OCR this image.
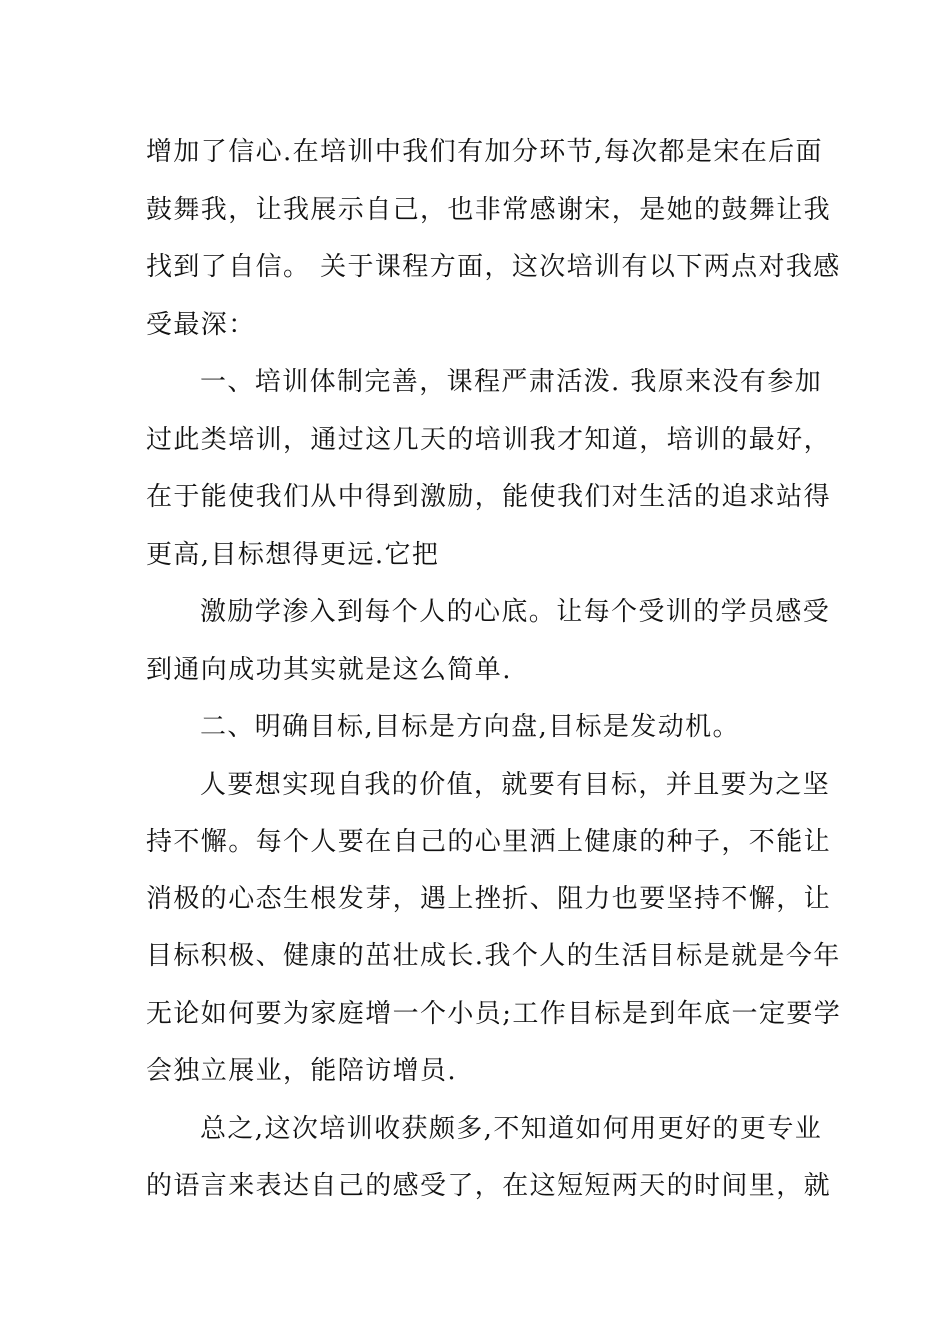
增加了信心.在培训中我们有加分环节,每次都是宋在后面
鼓舞我，让我展示自己，也非常感谢宋，是她的鼓舞让我
找到了自信。 关于课程方面，这次培训有以下两点对我感
受最深：
一、培训体制完善，课程严肃活泼. 我原来没有参加
过此类培训，通过这几天的培训我才知道，培训的最好，
在于能使我们从中得到激励，能使我们对生活的追求站得
更高,目标想得更远.它把
激励学渗入到每个人的心底。让每个受训的学员感受
到通向成功其实就是这么简单.
二、明确目标,目标是方向盘,目标是发动机。
人要想实现自我的价值，就要有目标，并且要为之坚
持不懈。每个人要在自己的心里洒上健康的种子，不能让
消极的心态生根发芽，遇上挫折、阻力也要坚持不懈，让
目标积极、健康的茁壮成长.我个人的生活目标是就是今年
无论如何要为家庭增一个小员;工作目标是到年底一定要学
会独立展业，能陪访增员.
总之,这次培训收获颇多,不知道如何用更好的更专业
的语言来表达自己的感受了，在这短短两天的时间里，就
